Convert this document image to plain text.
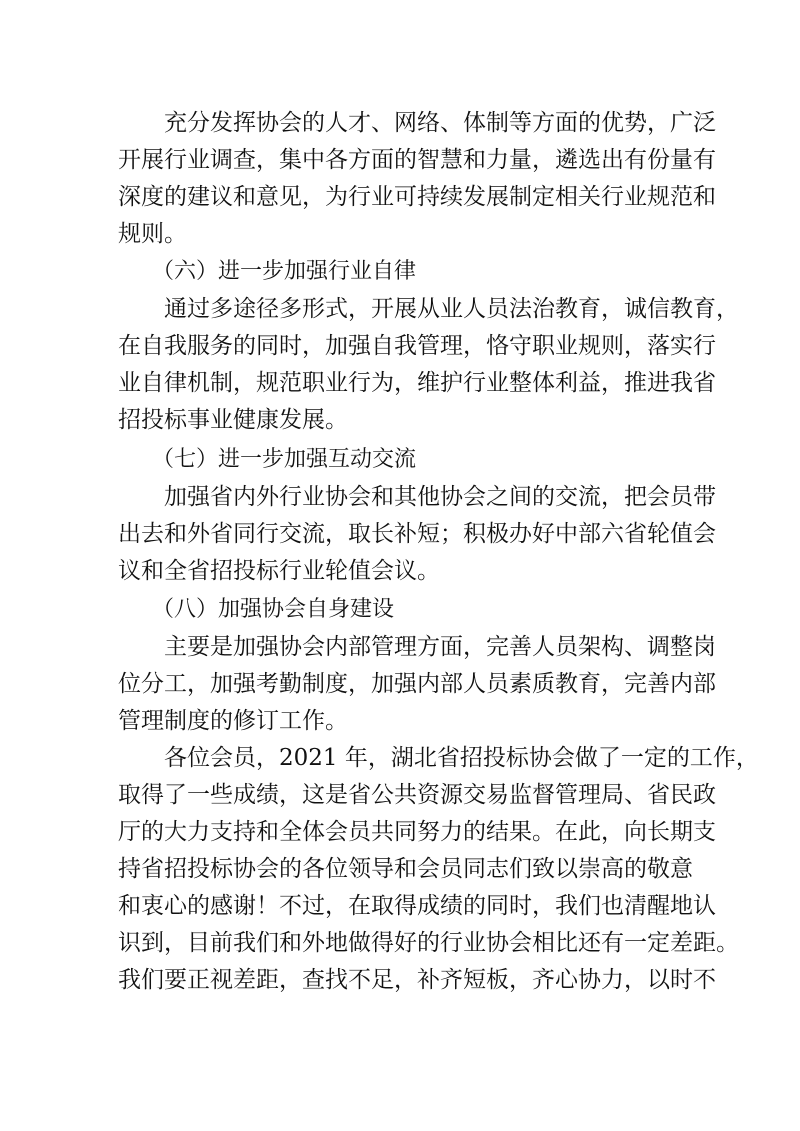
充分发挥协会的人才、网络、体制等方面的优势，广泛
开展行业调查，集中各方面的智慧和力量，遴选出有份量有
深度的建议和意见，为行业可持续发展制定相关行业规范和
规则。
（六）进一步加强行业自律
通过多途径多形式，开展从业人员法治教育，诚信教育，
在自我服务的同时，加强自我管理，恪守职业规则，落实行
业自律机制，规范职业行为，维护行业整体利益，推进我省
招投标事业健康发展。
（七）进一步加强互动交流
加强省内外行业协会和其他协会之间的交流，把会员带
出去和外省同行交流，取长补短；积极办好中部六省轮值会
议和全省招投标行业轮值会议。
（八）加强协会自身建设
主要是加强协会内部管理方面，完善人员架构、调整岗
位分工，加强考勤制度，加强内部人员素质教育，完善内部
管理制度的修订工作。
各位会员，2021 年，湖北省招投标协会做了一定的工作，
取得了一些成绩，这是省公共资源交易监督管理局、省民政
厅的大力支持和全体会员共同努力的结果。在此，向长期支
持省招投标协会的各位领导和会员同志们致以崇高的敬意
和衷心的感谢！不过，在取得成绩的同时，我们也清醒地认
识到，目前我们和外地做得好的行业协会相比还有一定差距。
我们要正视差距，查找不足，补齐短板，齐心协力，以时不
